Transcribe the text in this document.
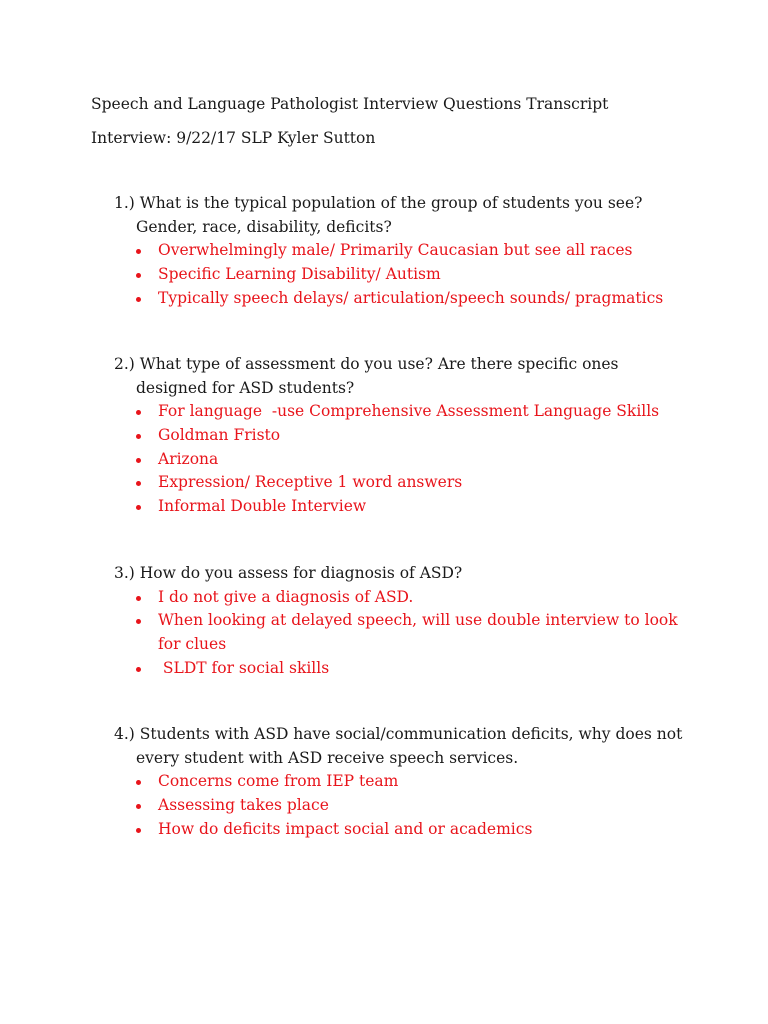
Speech and Language Pathologist Interview Questions Transcript
Interview: 9/22/17 SLP Kyler Sutton

1.) What is the typical population of the group of students you see? Gender, race, disability, deficits?

Overwhelmingly male/ Primarily Caucasian but see all races
Specific Learning Disability/ Autism
Typically speech delays/ articulation/speech sounds/ pragmatics

2.) What type of assessment do you use? Are there specific ones designed for ASD students?

For language  -use Comprehensive Assessment Language Skills
Goldman Fristo
Arizona
Expression/ Receptive 1 word answers
Informal Double Interview

3.) How do you assess for diagnosis of ASD?

I do not give a diagnosis of ASD.
When looking at delayed speech, will use double interview to look for clues
SLDT for social skills

4.) Students with ASD have social/communication deficits, why does not every student with ASD receive speech services.

Concerns come from IEP team
Assessing takes place
How do deficits impact social and or academics
